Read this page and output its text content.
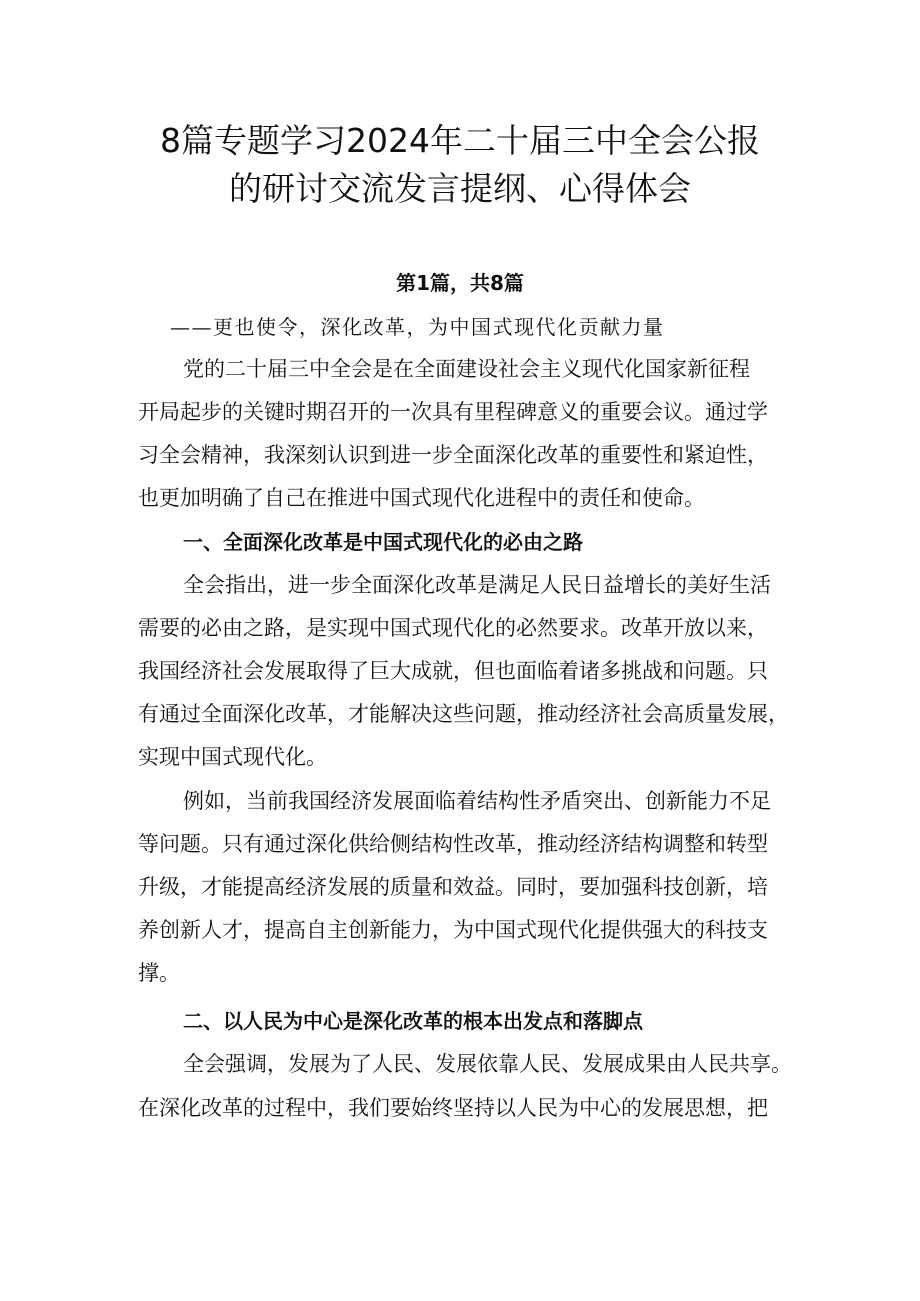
8篇专题学习2024年二十届三中全会公报
的研讨交流发言提纲、心得体会
第1篇，共8篇
——更也使令，深化改革，为中国式现代化贡献力量
党的二十届三中全会是在全面建设社会主义现代化国家新征程
开局起步的关键时期召开的一次具有里程碑意义的重要会议。通过学
习全会精神，我深刻认识到进一步全面深化改革的重要性和紧迫性，
也更加明确了自己在推进中国式现代化进程中的责任和使命。
一、全面深化改革是中国式现代化的必由之路
全会指出，进一步全面深化改革是满足人民日益增长的美好生活
需要的必由之路，是实现中国式现代化的必然要求。改革开放以来，
我国经济社会发展取得了巨大成就，但也面临着诸多挑战和问题。只
有通过全面深化改革，才能解决这些问题，推动经济社会高质量发展，
实现中国式现代化。
例如，当前我国经济发展面临着结构性矛盾突出、创新能力不足
等问题。只有通过深化供给侧结构性改革，推动经济结构调整和转型
升级，才能提高经济发展的质量和效益。同时，要加强科技创新，培
养创新人才，提高自主创新能力，为中国式现代化提供强大的科技支
撑。
二、以人民为中心是深化改革的根本出发点和落脚点
全会强调，发展为了人民、发展依靠人民、发展成果由人民共享。
在深化改革的过程中，我们要始终坚持以人民为中心的发展思想，把
